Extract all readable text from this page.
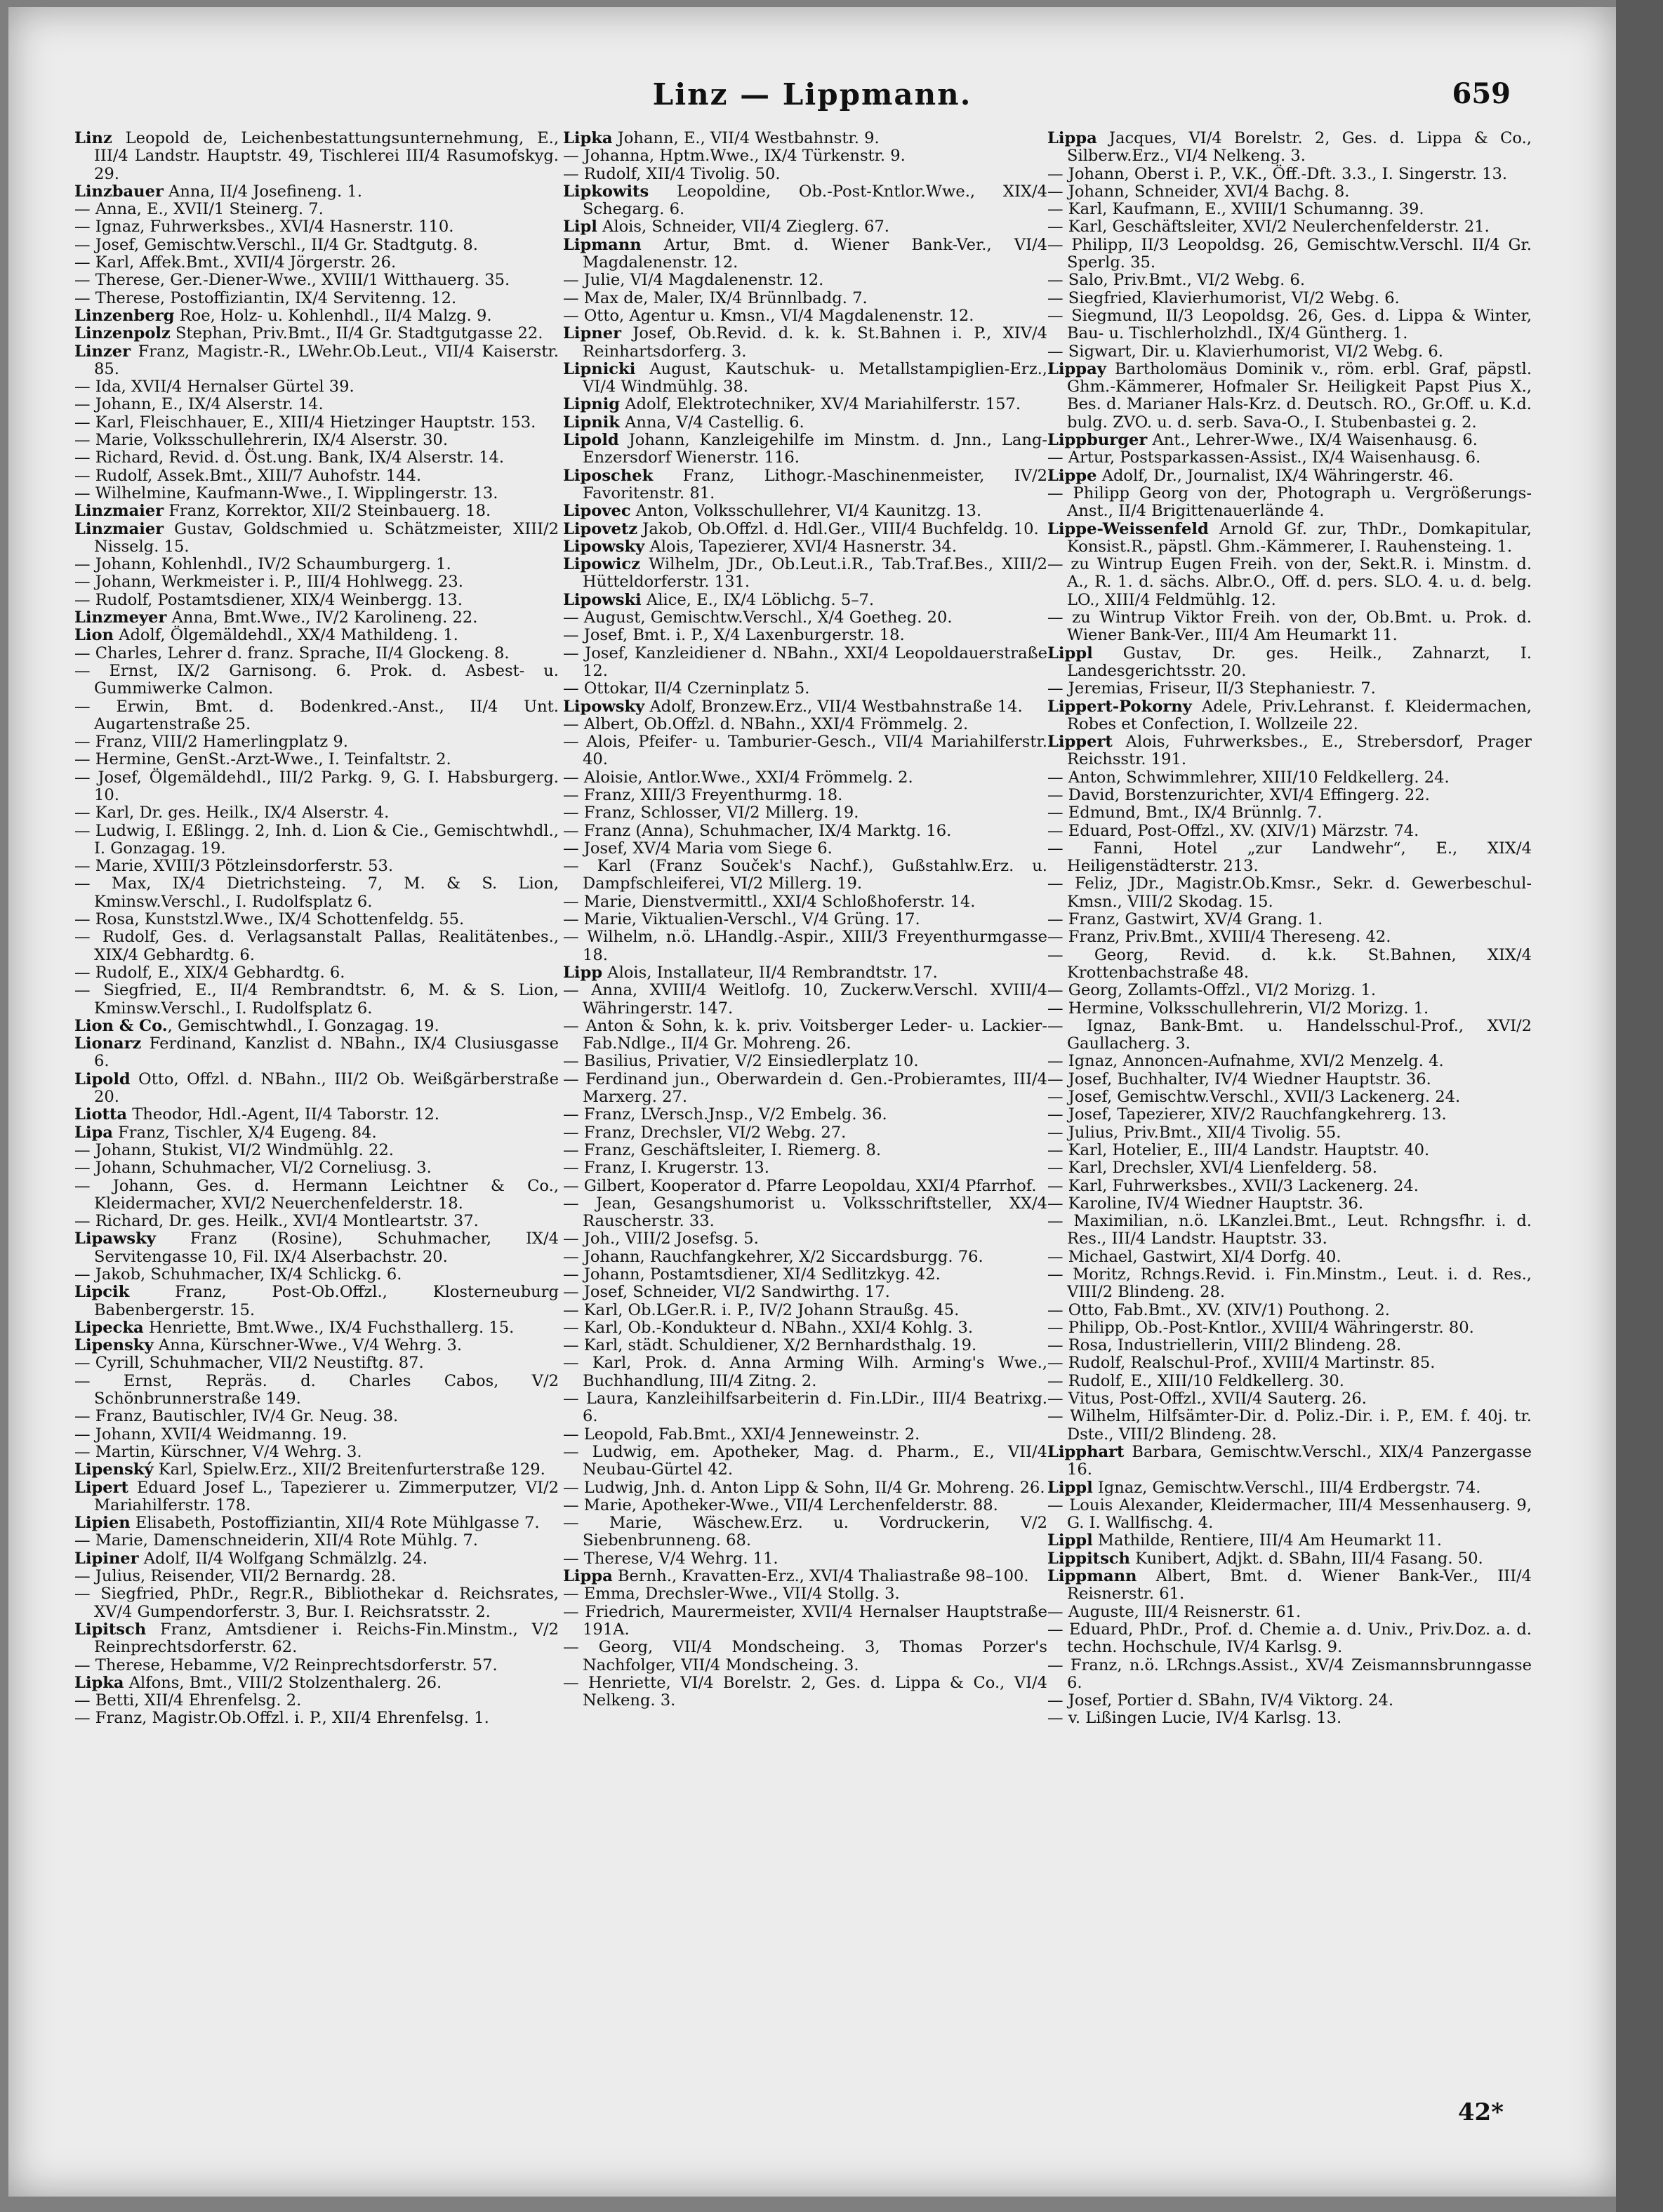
Linz — Lippmann.	659

Linz Leopold de, Leichenbestattungsunternehmung, E., III/4 Landstr. Hauptstr. 49, Tischlerei III/4 Rasumofskyg. 29.

Linzbauer Anna, II/4 Josefineng. 1.

— Anna, E., XVII/1 Steinerg. 7.

— Ignaz, Fuhrwerksbes., XVI/4 Hasnerstr. 110.

— Josef, Gemischtw.Verschl., II/4 Gr. Stadtgutg. 8.

— Karl, Affek.Bmt., XVII/4 Jörgerstr. 26.

— Therese, Ger.-Diener-Wwe., XVIII/1 Witthauerg. 35.

— Therese, Postoffiziantin, IX/4 Servitenng. 12.

Linzenberg Roe, Holz- u. Kohlenhdl., II/4 Malzg. 9.

Linzenpolz Stephan, Priv.Bmt., II/4 Gr. Stadtgutgasse 22.

Linzer Franz, Magistr.-R., LWehr.Ob.Leut., VII/4 Kaiserstr. 85.

— Ida, XVII/4 Hernalser Gürtel 39.

— Johann, E., IX/4 Alserstr. 14.

— Karl, Fleischhauer, E., XIII/4 Hietzinger Hauptstr. 153.

— Marie, Volksschullehrerin, IX/4 Alserstr. 30.

— Richard, Revid. d. Öst.ung. Bank, IX/4 Alserstr. 14.

— Rudolf, Assek.Bmt., XIII/7 Auhofstr. 144.

— Wilhelmine, Kaufmann-Wwe., I. Wipplingerstr. 13.

Linzmaier Franz, Korrektor, XII/2 Steinbauerg. 18.

Linzmaier Gustav, Goldschmied u. Schätzmeister, XIII/2 Nisselg. 15.

— Johann, Kohlenhdl., IV/2 Schaumburgerg. 1.

— Johann, Werkmeister i. P., III/4 Hohlwegg. 23.

— Rudolf, Postamtsdiener, XIX/4 Weinbergg. 13.

Linzmeyer Anna, Bmt.Wwe., IV/2 Karolineng. 22.

Lion Adolf, Ölgemäldehdl., XX/4 Mathildeng. 1.

— Charles, Lehrer d. franz. Sprache, II/4 Glockeng. 8.

— Ernst, IX/2 Garnisong. 6. Prok. d. Asbest- u. Gummiwerke Calmon.

— Erwin, Bmt. d. Bodenkred.-Anst., II/4 Unt. Augartenstraße 25.

— Franz, VIII/2 Hamerlingplatz 9.

— Hermine, GenSt.-Arzt-Wwe., I. Teinfaltstr. 2.

— Josef, Ölgemäldehdl., III/2 Parkg. 9, G. I. Habsburgerg. 10.

— Karl, Dr. ges. Heilk., IX/4 Alserstr. 4.

— Ludwig, I. Eßlingg. 2, Inh. d. Lion & Cie., Gemischtwhdl., I. Gonzagag. 19.

— Marie, XVIII/3 Pötzleinsdorferstr. 53.

— Max, IX/4 Dietrichsteing. 7, M. & S. Lion, Kminsw.Verschl., I. Rudolfsplatz 6.

— Rosa, Kunststzl.Wwe., IX/4 Schottenfeldg. 55.

— Rudolf, Ges. d. Verlagsanstalt Pallas, Realitätenbes., XIX/4 Gebhardtg. 6.

— Rudolf, E., XIX/4 Gebhardtg. 6.

— Siegfried, E., II/4 Rembrandtstr. 6, M. & S. Lion, Kminsw.Verschl., I. Rudolfsplatz 6.

Lion & Co., Gemischtwhdl., I. Gonzagag. 19.

Lionarz Ferdinand, Kanzlist d. NBahn., IX/4 Clusiusgasse 6.

Lipold Otto, Offzl. d. NBahn., III/2 Ob. Weißgärberstraße 20.

Liotta Theodor, Hdl.-Agent, II/4 Taborstr. 12.

Lipa Franz, Tischler, X/4 Eugeng. 84.

— Johann, Stukist, VI/2 Windmühlg. 22.

— Johann, Schuhmacher, VI/2 Corneliusg. 3.

— Johann, Ges. d. Hermann Leichtner & Co., Kleidermacher, XVI/2 Neuerchenfelderstr. 18.

— Richard, Dr. ges. Heilk., XVI/4 Montleartstr. 37.

Lipawsky Franz (Rosine), Schuhmacher, IX/4 Servitengasse 10, Fil. IX/4 Alserbachstr. 20.

— Jakob, Schuhmacher, IX/4 Schlickg. 6.

Lipcik Franz, Post-Ob.Offzl., Klosterneuburg Babenbergerstr. 15.

Lipecka Henriette, Bmt.Wwe., IX/4 Fuchsthallerg. 15.

Lipensky Anna, Kürschner-Wwe., V/4 Wehrg. 3.

— Cyrill, Schuhmacher, VII/2 Neustiftg. 87.

— Ernst, Repräs. d. Charles Cabos, V/2 Schönbrunnerstraße 149.

— Franz, Bautischler, IV/4 Gr. Neug. 38.

— Johann, XVII/4 Weidmanng. 19.

— Martin, Kürschner, V/4 Wehrg. 3.

Lipenský Karl, Spielw.Erz., XII/2 Breitenfurterstraße 129.

Lipert Eduard Josef L., Tapezierer u. Zimmerputzer, VI/2 Mariahilferstr. 178.

Lipien Elisabeth, Postoffiziantin, XII/4 Rote Mühlgasse 7.

— Marie, Damenschneiderin, XII/4 Rote Mühlg. 7.

Lipiner Adolf, II/4 Wolfgang Schmälzlg. 24.

— Julius, Reisender, VII/2 Bernardg. 28.

— Siegfried, PhDr., Regr.R., Bibliothekar d. Reichsrates, XV/4 Gumpendorferstr. 3, Bur. I. Reichsratsstr. 2.

Lipitsch Franz, Amtsdiener i. Reichs-Fin.Minstm., V/2 Reinprechtsdorferstr. 62.

— Therese, Hebamme, V/2 Reinprechtsdorferstr. 57.

Lipka Alfons, Bmt., VIII/2 Stolzenthalerg. 26.

— Betti, XII/4 Ehrenfelsg. 2.

— Franz, Magistr.Ob.Offzl. i. P., XII/4 Ehrenfelsg. 1.

Lipka Johann, E., VII/4 Westbahnstr. 9.

— Johanna, Hptm.Wwe., IX/4 Türkenstr. 9.

— Rudolf, XII/4 Tivolig. 50.

Lipkowits Leopoldine, Ob.-Post-Kntlor.Wwe., XIX/4 Schegarg. 6.

Lipl Alois, Schneider, VII/4 Zieglerg. 67.

Lipmann Artur, Bmt. d. Wiener Bank-Ver., VI/4 Magdalenenstr. 12.

— Julie, VI/4 Magdalenenstr. 12.

— Max de, Maler, IX/4 Brünnlbadg. 7.

— Otto, Agentur u. Kmsn., VI/4 Magdalenenstr. 12.

Lipner Josef, Ob.Revid. d. k. k. St.Bahnen i. P., XIV/4 Reinhartsdorferg. 3.

Lipnicki August, Kautschuk- u. Metallstampiglien-Erz., VI/4 Windmühlg. 38.

Lipnig Adolf, Elektrotechniker, XV/4 Mariahilferstr. 157.

Lipnik Anna, V/4 Castellig. 6.

Lipold Johann, Kanzleigehilfe im Minstm. d. Jnn., Lang-Enzersdorf Wienerstr. 116.

Liposchek Franz, Lithogr.-Maschinenmeister, IV/2 Favoritenstr. 81.

Lipovec Anton, Volksschullehrer, VI/4 Kaunitzg. 13.

Lipovetz Jakob, Ob.Offzl. d. Hdl.Ger., VIII/4 Buchfeldg. 10.

Lipowsky Alois, Tapezierer, XVI/4 Hasnerstr. 34.

Lipowicz Wilhelm, JDr., Ob.Leut.i.R., Tab.Traf.Bes., XIII/2 Hütteldorferstr. 131.

Lipowski Alice, E., IX/4 Löblichg. 5–7.

— August, Gemischtw.Verschl., X/4 Goetheg. 20.

— Josef, Bmt. i. P., X/4 Laxenburgerstr. 18.

— Josef, Kanzleidiener d. NBahn., XXI/4 Leopoldauerstraße 12.

— Ottokar, II/4 Czerninplatz 5.

Lipowsky Adolf, Bronzew.Erz., VII/4 Westbahnstraße 14.

— Albert, Ob.Offzl. d. NBahn., XXI/4 Frömmelg. 2.

— Alois, Pfeifer- u. Tamburier-Gesch., VII/4 Mariahilferstr. 40.

— Aloisie, Antlor.Wwe., XXI/4 Frömmelg. 2.

— Franz, XIII/3 Freyenthurmg. 18.

— Franz, Schlosser, VI/2 Millerg. 19.

— Franz (Anna), Schuhmacher, IX/4 Marktg. 16.

— Josef, XV/4 Maria vom Siege 6.

— Karl (Franz Souček's Nachf.), Gußstahlw.Erz. u. Dampfschleiferei, VI/2 Millerg. 19.

— Marie, Dienstvermittl., XXI/4 Schloßhoferstr. 14.

— Marie, Viktualien-Verschl., V/4 Grüng. 17.

— Wilhelm, n.ö. LHandlg.-Aspir., XIII/3 Freyenthurmgasse 18.

Lipp Alois, Installateur, II/4 Rembrandtstr. 17.

— Anna, XVIII/4 Weitlofg. 10, Zuckerw.Verschl. XVIII/4 Währingerstr. 147.

— Anton & Sohn, k. k. priv. Voitsberger Leder- u. Lackier-Fab.Ndlge., II/4 Gr. Mohreng. 26.

— Basilius, Privatier, V/2 Einsiedlerplatz 10.

— Ferdinand jun., Oberwardein d. Gen.-Probieramtes, III/4 Marxerg. 27.

— Franz, LVersch.Jnsp., V/2 Embelg. 36.

— Franz, Drechsler, VI/2 Webg. 27.

— Franz, Geschäftsleiter, I. Riemerg. 8.

— Franz, I. Krugerstr. 13.

— Gilbert, Kooperator d. Pfarre Leopoldau, XXI/4 Pfarrhof.

— Jean, Gesangshumorist u. Volksschriftsteller, XX/4 Rauscherstr. 33.

— Joh., VIII/2 Josefsg. 5.

— Johann, Rauchfangkehrer, X/2 Siccardsburgg. 76.

— Johann, Postamtsdiener, XI/4 Sedlitzkyg. 42.

— Josef, Schneider, VI/2 Sandwirthg. 17.

— Karl, Ob.LGer.R. i. P., IV/2 Johann Straußg. 45.

— Karl, Ob.-Kondukteur d. NBahn., XXI/4 Kohlg. 3.

— Karl, städt. Schuldiener, X/2 Bernhardsthalg. 19.

— Karl, Prok. d. Anna Arming Wilh. Arming's Wwe., Buchhandlung, III/4 Zitng. 2.

— Laura, Kanzleihilfsarbeiterin d. Fin.LDir., III/4 Beatrixg. 6.

— Leopold, Fab.Bmt., XXI/4 Jenneweinstr. 2.

— Ludwig, em. Apotheker, Mag. d. Pharm., E., VII/4 Neubau-Gürtel 42.

— Ludwig, Jnh. d. Anton Lipp & Sohn, II/4 Gr. Mohreng. 26.

— Marie, Apotheker-Wwe., VII/4 Lerchenfelderstr. 88.

— Marie, Wäschew.Erz. u. Vordruckerin, V/2 Siebenbrunneng. 68.

— Therese, V/4 Wehrg. 11.

Lippa Bernh., Kravatten-Erz., XVI/4 Thaliastraße 98–100.

— Emma, Drechsler-Wwe., VII/4 Stollg. 3.

— Friedrich, Maurermeister, XVII/4 Hernalser Hauptstraße 191A.

— Georg, VII/4 Mondscheing. 3, Thomas Porzer's Nachfolger, VII/4 Mondscheing. 3.

— Henriette, VI/4 Borelstr. 2, Ges. d. Lippa & Co., VI/4 Nelkeng. 3.

Lippa Jacques, VI/4 Borelstr. 2, Ges. d. Lippa & Co., Silberw.Erz., VI/4 Nelkeng. 3.

— Johann, Oberst i. P., V.K., Öff.-Dft. 3.3., I. Singerstr. 13.

— Johann, Schneider, XVI/4 Bachg. 8.

— Karl, Kaufmann, E., XVIII/1 Schumanng. 39.

— Karl, Geschäftsleiter, XVI/2 Neulerchenfelderstr. 21.

— Philipp, II/3 Leopoldsg. 26, Gemischtw.Verschl. II/4 Gr. Sperlg. 35.

— Salo, Priv.Bmt., VI/2 Webg. 6.

— Siegfried, Klavierhumorist, VI/2 Webg. 6.

— Siegmund, II/3 Leopoldsg. 26, Ges. d. Lippa & Winter, Bau- u. Tischlerholzhdl., IX/4 Güntherg. 1.

— Sigwart, Dir. u. Klavierhumorist, VI/2 Webg. 6.

Lippay Bartholomäus Dominik v., röm. erbl. Graf, päpstl. Ghm.-Kämmerer, Hofmaler Sr. Heiligkeit Papst Pius X., Bes. d. Marianer Hals-Krz. d. Deutsch. RO., Gr.Off. u. K.d. bulg. ZVO. u. d. serb. Sava-O., I. Stubenbastei g. 2.

Lippburger Ant., Lehrer-Wwe., IX/4 Waisenhausg. 6.

— Artur, Postsparkassen-Assist., IX/4 Waisenhausg. 6.

Lippe Adolf, Dr., Journalist, IX/4 Währingerstr. 46.

— Philipp Georg von der, Photograph u. Vergrößerungs-Anst., II/4 Brigittenauerlände 4.

Lippe-Weissenfeld Arnold Gf. zur, ThDr., Domkapitular, Konsist.R., päpstl. Ghm.-Kämmerer, I. Rauhensteing. 1.

— zu Wintrup Eugen Freih. von der, Sekt.R. i. Minstm. d. A., R. 1. d. sächs. Albr.O., Off. d. pers. SLO. 4. u. d. belg. LO., XIII/4 Feldmühlg. 12.

— zu Wintrup Viktor Freih. von der, Ob.Bmt. u. Prok. d. Wiener Bank-Ver., III/4 Am Heumarkt 11.

Lippl Gustav, Dr. ges. Heilk., Zahnarzt, I. Landesgerichtsstr. 20.

— Jeremias, Friseur, II/3 Stephaniestr. 7.

Lippert-Pokorny Adele, Priv.Lehranst. f. Kleidermachen, Robes et Confection, I. Wollzeile 22.

Lippert Alois, Fuhrwerksbes., E., Strebersdorf, Prager Reichsstr. 191.

— Anton, Schwimmlehrer, XIII/10 Feldkellerg. 24.

— David, Borstenzurichter, XVI/4 Effingerg. 22.

— Edmund, Bmt., IX/4 Brünnlg. 7.

— Eduard, Post-Offzl., XV. (XIV/1) Märzstr. 74.

— Fanni, Hotel „zur Landwehr“, E., XIX/4 Heiligenstädterstr. 213.

— Feliz, JDr., Magistr.Ob.Kmsr., Sekr. d. Gewerbeschul-Kmsn., VIII/2 Skodag. 15.

— Franz, Gastwirt, XV/4 Grang. 1.

— Franz, Priv.Bmt., XVIII/4 Thereseng. 42.

— Georg, Revid. d. k.k. St.Bahnen, XIX/4 Krottenbachstraße 48.

— Georg, Zollamts-Offzl., VI/2 Morizg. 1.

— Hermine, Volksschullehrerin, VI/2 Morizg. 1.

— Ignaz, Bank-Bmt. u. Handelsschul-Prof., XVI/2 Gaullacherg. 3.

— Ignaz, Annoncen-Aufnahme, XVI/2 Menzelg. 4.

— Josef, Buchhalter, IV/4 Wiedner Hauptstr. 36.

— Josef, Gemischtw.Verschl., XVII/3 Lackenerg. 24.

— Josef, Tapezierer, XIV/2 Rauchfangkehrerg. 13.

— Julius, Priv.Bmt., XII/4 Tivolig. 55.

— Karl, Hotelier, E., III/4 Landstr. Hauptstr. 40.

— Karl, Drechsler, XVI/4 Lienfelderg. 58.

— Karl, Fuhrwerksbes., XVII/3 Lackenerg. 24.

— Karoline, IV/4 Wiedner Hauptstr. 36.

— Maximilian, n.ö. LKanzlei.Bmt., Leut. Rchngsfhr. i. d. Res., III/4 Landstr. Hauptstr. 33.

— Michael, Gastwirt, XI/4 Dorfg. 40.

— Moritz, Rchngs.Revid. i. Fin.Minstm., Leut. i. d. Res., VIII/2 Blindeng. 28.

— Otto, Fab.Bmt., XV. (XIV/1) Pouthong. 2.

— Philipp, Ob.-Post-Kntlor., XVIII/4 Währingerstr. 80.

— Rosa, Industriellerin, VIII/2 Blindeng. 28.

— Rudolf, Realschul-Prof., XVIII/4 Martinstr. 85.

— Rudolf, E., XIII/10 Feldkellerg. 30.

— Vitus, Post-Offzl., XVII/4 Sauterg. 26.

— Wilhelm, Hilfsämter-Dir. d. Poliz.-Dir. i. P., EM. f. 40j. tr. Dste., VIII/2 Blindeng. 28.

Lipphart Barbara, Gemischtw.Verschl., XIX/4 Panzergasse 16.

Lippl Ignaz, Gemischtw.Verschl., III/4 Erdbergstr. 74.

— Louis Alexander, Kleidermacher, III/4 Messenhauserg. 9, G. I. Wallfischg. 4.

Lippl Mathilde, Rentiere, III/4 Am Heumarkt 11.

Lippitsch Kunibert, Adjkt. d. SBahn, III/4 Fasang. 50.

Lippmann Albert, Bmt. d. Wiener Bank-Ver., III/4 Reisnerstr. 61.

— Auguste, III/4 Reisnerstr. 61.

— Eduard, PhDr., Prof. d. Chemie a. d. Univ., Priv.Doz. a. d. techn. Hochschule, IV/4 Karlsg. 9.

— Franz, n.ö. LRchngs.Assist., XV/4 Zeismannsbrunngasse 6.

— Josef, Portier d. SBahn, IV/4 Viktorg. 24.

— v. Lißingen Lucie, IV/4 Karlsg. 13.

42*
